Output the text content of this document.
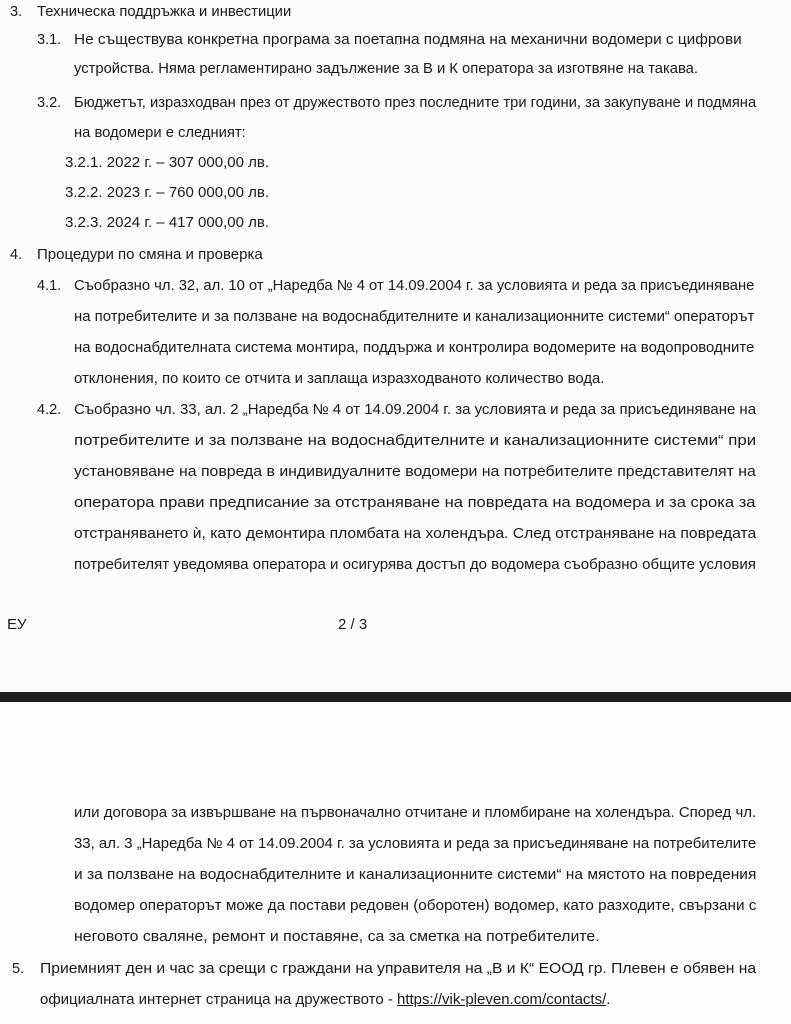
3. Техническа поддръжка и инвестиции
3.1. Не съществува конкретна програма за поетапна подмяна на механични водомери с цифрови
устройства. Няма регламентирано задължение за В и К оператора за изготвяне на такава.
3.2. Бюджетът, изразходван през от дружеството през последните три години, за закупуване и подмяна
на водомери е следният:
3.2.1. 2022 г. – 307 000,00 лв.
3.2.2. 2023 г. – 760 000,00 лв.
3.2.3. 2024 г. – 417 000,00 лв.
4. Процедури по смяна и проверка
4.1. Съобразно чл. 32, ал. 10 от „Наредба № 4 от 14.09.2004 г. за условията и реда за присъединяване
на потребителите и за ползване на водоснабдителните и канализационните системи“ операторът
на водоснабдителната система монтира, поддържа и контролира водомерите на водопроводните
отклонения, по които се отчита и заплаща изразходваното количество вода.
4.2. Съобразно чл. 33, ал. 2 „Наредба № 4 от 14.09.2004 г. за условията и реда за присъединяване на
потребителите и за ползване на водоснабдителните и канализационните системи“ при
установяване на повреда в индивидуалните водомери на потребителите представителят на
оператора прави предписание за отстраняване на повредата на водомера и за срока за
отстраняването ѝ, като демонтира пломбата на холендъра. След отстраняване на повредата
потребителят уведомява оператора и осигурява достъп до водомера съобразно общите условия
ЕУ	2 / 3
или договора за извършване на първоначално отчитане и пломбиране на холендъра. Според чл.
33, ал. 3 „Наредба № 4 от 14.09.2004 г. за условията и реда за присъединяване на потребителите
и за ползване на водоснабдителните и канализационните системи“ на мястото на повредения
водомер операторът може да постави редовен (оборотен) водомер, като разходите, свързани с
неговото сваляне, ремонт и поставяне, са за сметка на потребителите.
5. Приемният ден и час за срещи с граждани на управителя на „В и К“ ЕООД гр. Плевен е обявен на
официалната интернет страница на дружеството - https://vik-pleven.com/contacts/.
